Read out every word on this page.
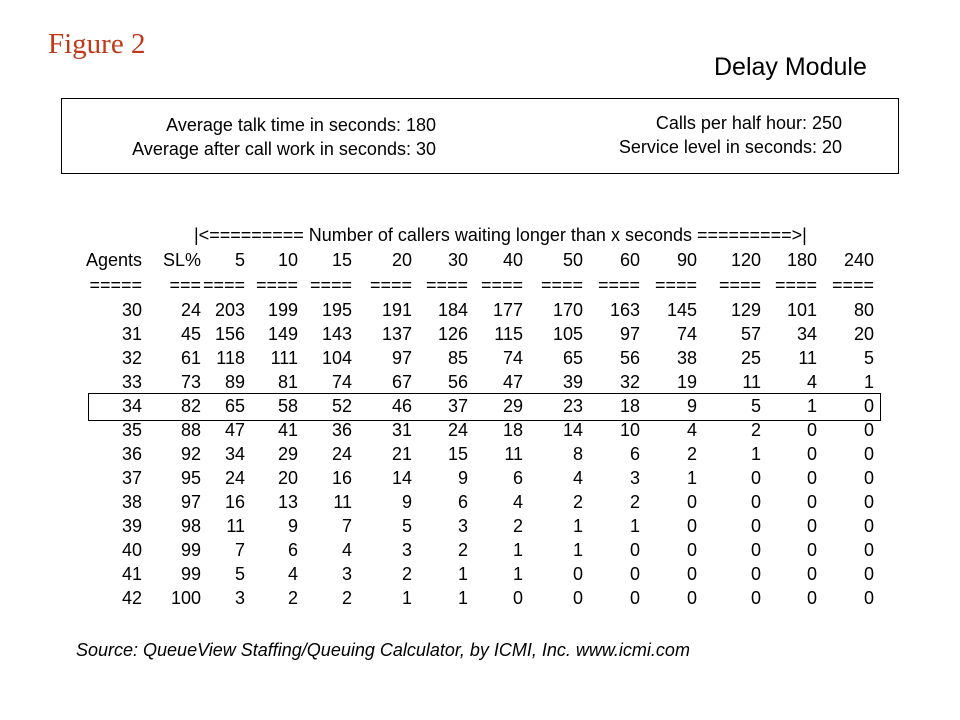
Figure 2
Delay Module
Average talk time in seconds: 180
Average after call work in seconds: 30
Calls per half hour: 250
Service level in seconds: 20
|<========= Number of callers waiting longer than x seconds =========>|
Agents SL% 5 10 15 20 30 40 50 60 90 120 180 240
===== === ==== ==== ==== ==== ==== ==== ==== ==== ==== ==== ==== ====
30 24 203 199 195 191 184 177 170 163 145 129 101 80
31 45 156 149 143 137 126 115 105 97 74 57 34 20
32 61 118 111 104 97 85 74 65 56 38 25 11	5
33 73 89 81 74 67 56 47 39 32 19	11	4	1
34 82 65 58 52 46 37 29 23 18	9	5	1	0
35 88 47 41 36 31 24 18 14 10	4	2	0	0
36 92 34 29 24 21 15 11	8	6	2	1	0	0
37 95 24 20 16 14	9 6	4	3	1	0	0	0
38 97 16 13 11	9	6 4	2	2	0	0	0	0
39 98 11 9 7	5	3 2	1	1	0	0	0	0
40 99 7 6 4	3	2 1	1	0	0	0	0	0
41 99 5 4 3	2	1 1	0	0	0	0	0	0
42 100 3 2 2	1	1 0	0	0	0	0	0	0
Source: QueueView Staffing/Queuing Calculator, by ICMI, Inc. www.icmi.com
